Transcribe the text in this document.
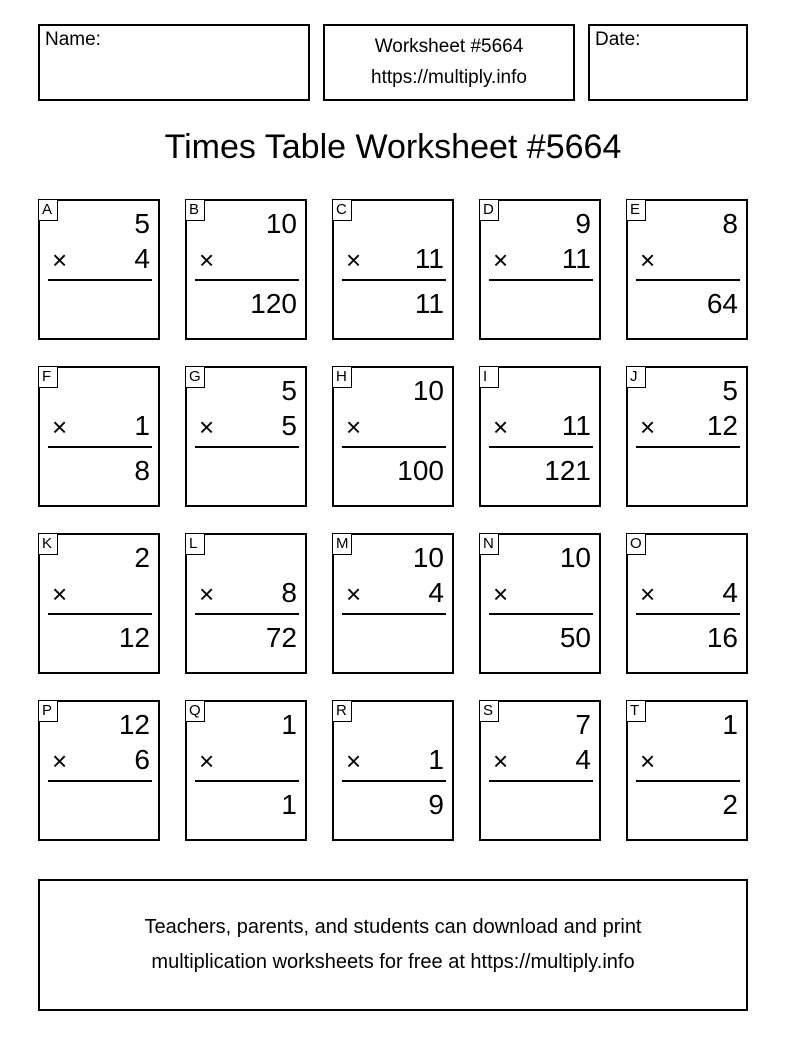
Name:	Worksheet #5664
https://multiply.info
Date:
Times Table Worksheet #5664
A	5
× 4
B 10
×
120
C
× 11
11
D	9
× 11
E	8
×
64
F
× 1
8
G	5
× 5
H 10
×
100
I
× 11
121
J	5
× 12
K	2
×
12
L
× 8
72
M 10
× 4
N 10
×
50
O
× 4
16
P 12
× 6
Q	1
×
1
R
× 1
9
S	7
× 4
T	1
×
2
Teachers, parents, and students can download and print
multiplication worksheets for free at https://multiply.info
